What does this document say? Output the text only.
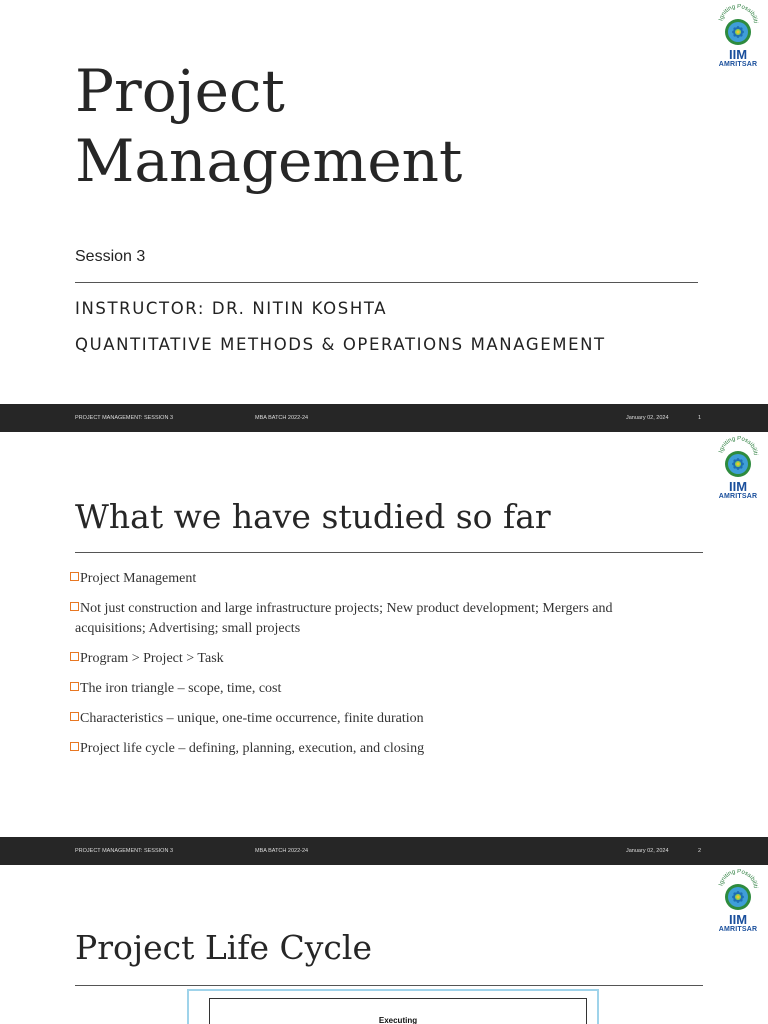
Igniting Possibiliti
IIM
AMRITSAR
Project
Management
Session 3
INSTRUCTOR: DR. NITIN KOSHTA
QUANTITATIVE METHODS & OPERATIONS MANAGEMENT
PROJECT MANAGEMENT: SESSION 3	MBA BATCH 2022-24	January 02, 2024	1
Igniting Possibiliti
IIM
AMRITSAR
What we have studied so far
Project Management
Not just construction and large infrastructure projects; New product development; Mergers and acquisitions; Advertising; small projects
Program > Project > Task
The iron triangle – scope, time, cost
Characteristics – unique, one-time occurrence, finite duration
Project life cycle – defining, planning, execution, and closing
PROJECT MANAGEMENT: SESSION 3	MBA BATCH 2022-24	January 02, 2024	2
Igniting Possibiliti
IIM
AMRITSAR
Project Life Cycle
Executing
